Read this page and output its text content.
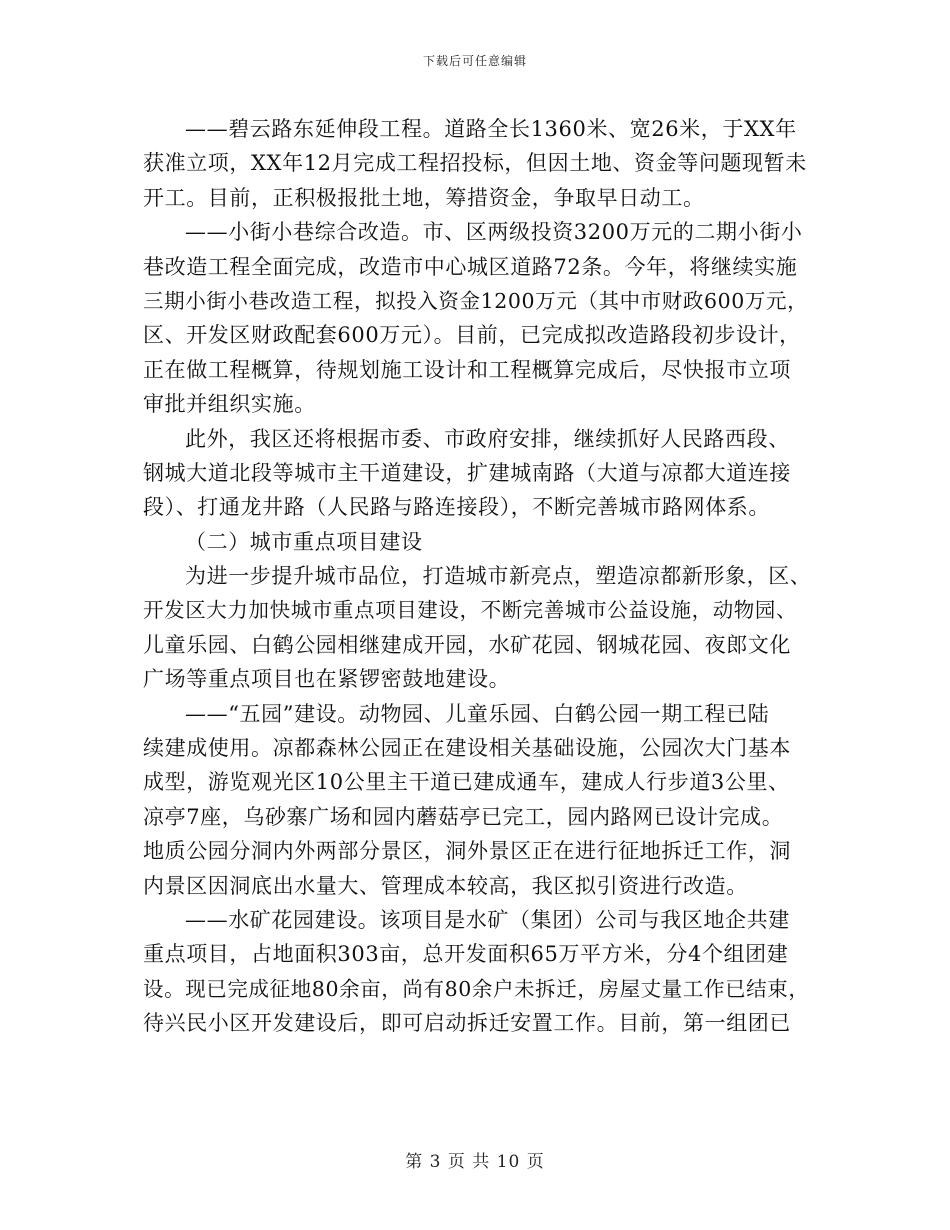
下载后可任意编辑
——碧云路东延伸段工程。道路全长1360米、宽26米，于XX年
获准立项，XX年12月完成工程招投标，但因土地、资金等问题现暂未
开工。目前，正积极报批土地，筹措资金，争取早日动工。
——小街小巷综合改造。市、区两级投资3200万元的二期小街小
巷改造工程全面完成，改造市中心城区道路72条。今年，将继续实施
三期小街小巷改造工程，拟投入资金1200万元（其中市财政600万元，
区、开发区财政配套600万元）。目前，已完成拟改造路段初步设计，
正在做工程概算，待规划施工设计和工程概算完成后，尽快报市立项
审批并组织实施。
此外，我区还将根据市委、市政府安排，继续抓好人民路西段、
钢城大道北段等城市主干道建设，扩建城南路（大道与凉都大道连接
段）、打通龙井路（人民路与路连接段），不断完善城市路网体系。
（二）城市重点项目建设
为进一步提升城市品位，打造城市新亮点，塑造凉都新形象，区、
开发区大力加快城市重点项目建设，不断完善城市公益设施，动物园、
儿童乐园、白鹤公园相继建成开园，水矿花园、钢城花园、夜郎文化
广场等重点项目也在紧锣密鼓地建设。
——“五园”建设。动物园、儿童乐园、白鹤公园一期工程已陆
续建成使用。凉都森林公园正在建设相关基础设施，公园次大门基本
成型，游览观光区10公里主干道已建成通车，建成人行步道3公里、
凉亭7座，乌砂寨广场和园内蘑菇亭已完工，园内路网已设计完成。
地质公园分洞内外两部分景区，洞外景区正在进行征地拆迁工作，洞
内景区因洞底出水量大、管理成本较高，我区拟引资进行改造。
——水矿花园建设。该项目是水矿（集团）公司与我区地企共建
重点项目，占地面积303亩，总开发面积65万平方米，分4个组团建
设。现已完成征地80余亩，尚有80余户未拆迁，房屋丈量工作已结束，
待兴民小区开发建设后，即可启动拆迁安置工作。目前，第一组团已
第 3 页 共 10 页
